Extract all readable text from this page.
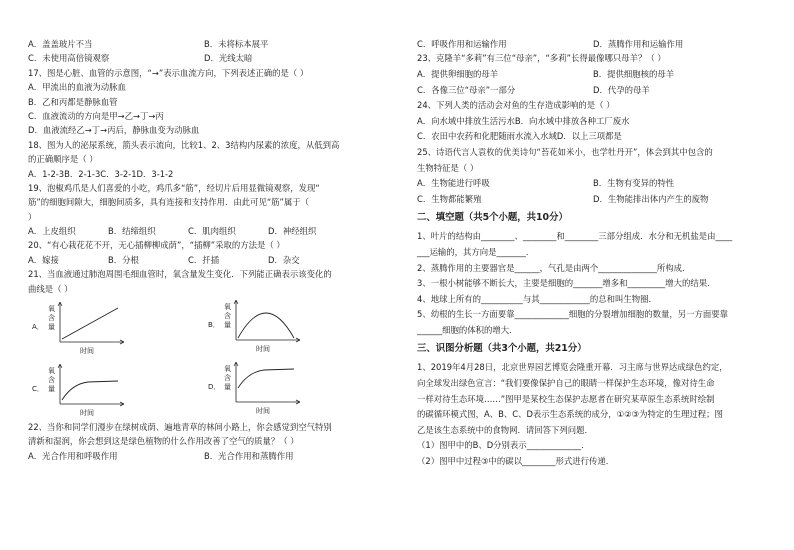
A．盖盖玻片不当	B．未将标本展平
C．未使用高倍镜观察	D．光线太暗
17、图是心脏、血管的示意图，“→”表示血流方向，下列表述正确的是（ ）
A．甲流出的血液为动脉血
B．乙和丙都是静脉血管
C．血液流动的方向是甲→乙→丁→丙
D．血液流经乙→丁→丙后，静脉血变为动脉血
18、图为人的泌尿系统，箭头表示流向，比较1、2、3结构内尿素的浓度，从低到高
的正确顺序是（ ）
A．1-2-3B．2-1-3C．3-2-1D．3-1-2
19、泡椒鸡爪是人们喜爱的小吃，鸡爪多“筋”，经切片后用显微镜观察，发现“
筋”的细胞间隙大，细胞间质多，具有连接和支持作用．由此可见“筋”属于（
）
A．上皮组织	B．结缔组织	C．肌肉组织	D．神经组织
20、“有心栽花花不开，无心插柳柳成荫”，“插柳”采取的方法是（ ）
A．嫁接	B．分根	C．扦插	D．杂交
21、当血液通过肺泡周围毛细血管时，氧含量发生变化．下列能正确表示该变化的
曲线是（ ）
A．
氧
含
量
时间
B．
氧
含
量
时间
C．
氧
含
量
时间
D．
氧
含
量
时间
22、当你和同学们漫步在绿树成荫、遍地青草的林间小路上，你会感觉到空气特别
清新和湿润，你会想到这是绿色植物的什么作用改善了空气的质量？（ ）
A．光合作用和呼吸作用	B．光合作用和蒸腾作用
C．呼吸作用和运输作用	D．蒸腾作用和运输作用
23、克隆羊“多莉”有三位“母亲”，“多莉”长得最像哪只母羊？（ ）
A．提供卵细胞的母羊	B．提供细胞核的母羊
C．各像三位“母亲”一部分	D．代孕的母羊
24、下列人类的活动会对鱼的生存造成影响的是（ ）
A．向水域中排放生活污水B．向水域中排放各种工厂废水
C．农田中农药和化肥随雨水流入水域D．以上三项都是
25、诗语代言人袁枚的优美诗句“苔花如米小，也学牡丹开”，体会到其中包含的
生物特征是（ ）
A．生物能进行呼吸	B．生物有变异的特性
C．生物都能繁殖	D．生物能排出体内产生的废物
二、填空题（共5个小题，共10分）
1、叶片的结构由________、________和________三部分组成．水分和无机盐是由____
___运输的，其方向是_______．
2、蒸腾作用的主要器官是______，气孔是由两个______________所构成．
3、一根小树能够不断长大，主要是细胞的_______增多和_________增大的结果．
4、地球上所有的__________与其____________的总和叫生物圈．
5、幼根的生长一方面要靠_____________细胞的分裂增加细胞的数量，另一方面要靠
______细胞的体积的增大．
三、识图分析题（共3个小题，共21分）
1、2019年4月28日，北京世界园艺博览会隆重开幕．习主席与世界达成绿色约定，
向全球发出绿色宣言：“我们要像保护自己的眼睛一样保护生态环境，像对待生命
一样对待生态环境……”图甲是某校生态保护志愿者在研究某草原生态系统时绘制
的碳循环模式图，A、B、C、D表示生态系统的成分，①②③为特定的生理过程；图
乙是该生态系统中的食物网．请回答下列问题．
（1）图甲中的B、D分别表示_____________．
（2）图甲中过程③中的碳以________形式进行传递．
